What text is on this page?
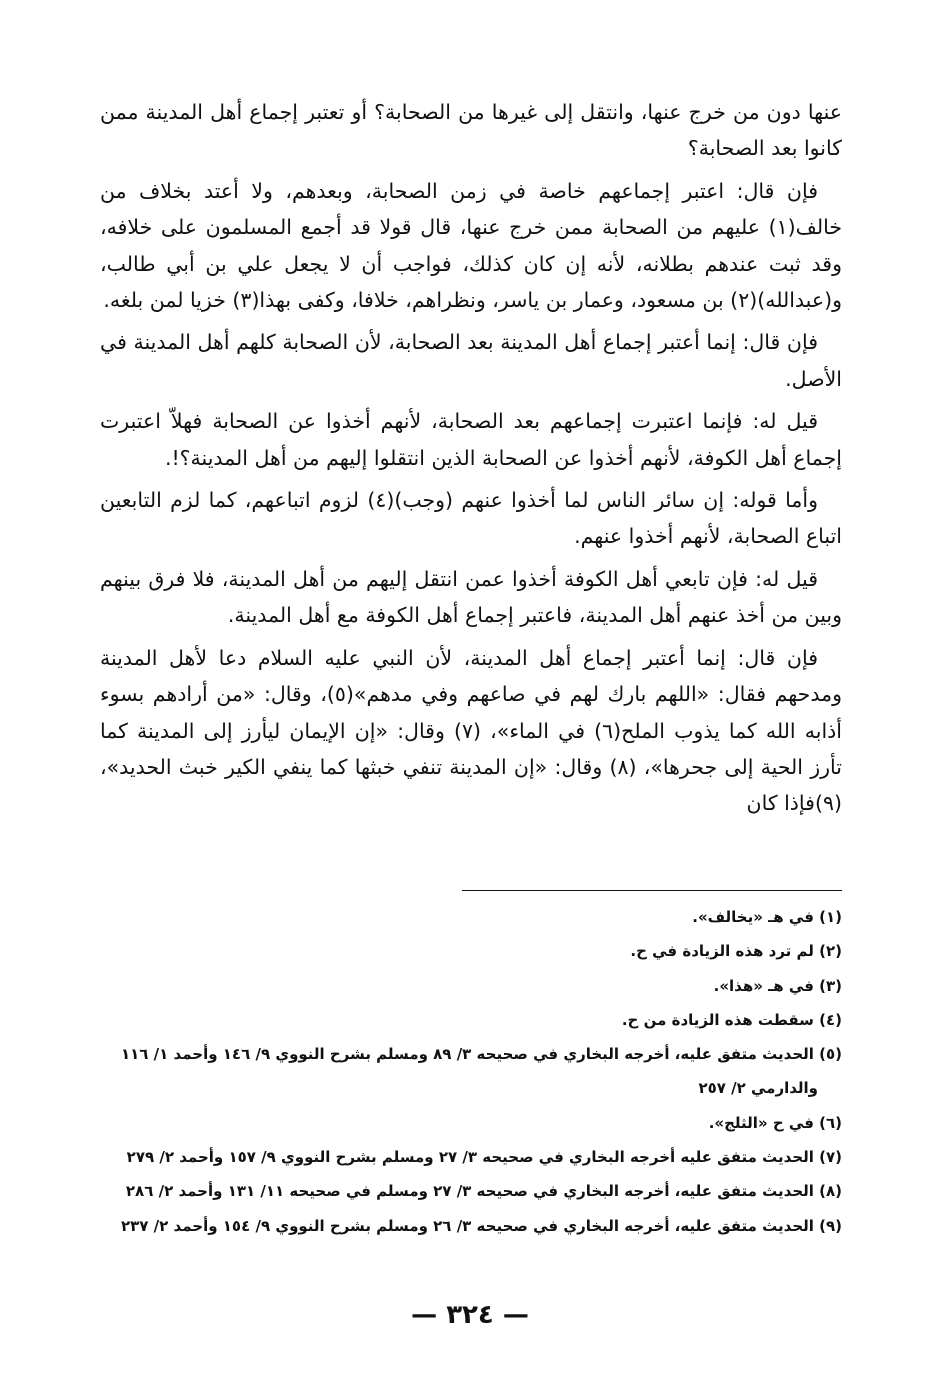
عنها دون من خرج عنها، وانتقل إلى غيرها من الصحابة؟ أو تعتبر إجماع أهل المدينة ممن كانوا بعد الصحابة؟

فإن قال: اعتبر إجماعهم خاصة في زمن الصحابة، وبعدهم، ولا أعتد بخلاف من خالف(١) عليهم من الصحابة ممن خرج عنها، قال قولا قد أجمع المسلمون على خلافه، وقد ثبت عندهم بطلانه، لأنه إن كان كذلك، فواجب أن لا يجعل علي بن أبي طالب، و(عبدالله)(٢) بن مسعود، وعمار بن ياسر، ونظراهم، خلافا، وكفى بهذا(٣) خزيا لمن بلغه.

فإن قال: إنما أعتبر إجماع أهل المدينة بعد الصحابة، لأن الصحابة كلهم أهل المدينة في الأصل.

قيل له: فإنما اعتبرت إجماعهم بعد الصحابة، لأنهم أخذوا عن الصحابة فهلاّ اعتبرت إجماع أهل الكوفة، لأنهم أخذوا عن الصحابة الذين انتقلوا إليهم من أهل المدينة؟!.

وأما قوله: إن سائر الناس لما أخذوا عنهم (وجب)(٤) لزوم اتباعهم، كما لزم التابعين اتباع الصحابة، لأنهم أخذوا عنهم.

قيل له: فإن تابعي أهل الكوفة أخذوا عمن انتقل إليهم من أهل المدينة، فلا فرق بينهم وبين من أخذ عنهم أهل المدينة، فاعتبر إجماع أهل الكوفة مع أهل المدينة.

فإن قال: إنما أعتبر إجماع أهل المدينة، لأن النبي عليه السلام دعا لأهل المدينة ومدحهم فقال: «اللهم بارك لهم في صاعهم وفي مدهم»(٥)، وقال: «من أرادهم بسوء أذابه الله كما يذوب الملح(٦) في الماء»، (٧) وقال: «إن الإيمان ليأرز إلى المدينة كما تأرز الحية إلى جحرها»، (٨) وقال: «إن المدينة تنفي خبثها كما ينفي الكير خبث الحديد»، (٩)فإذا كان

(١) في هـ «يخالف».

(٢) لم ترد هذه الزيادة في ح.

(٣) في هـ «هذا».

(٤) سقطت هذه الزيادة من ح.

(٥) الحديث متفق عليه، أخرجه البخاري في صحيحه ٣/ ٨٩ ومسلم بشرح النووي ٩/ ١٤٦ وأحمد ١/ ١١٦

والدارمي ٢/ ٢٥٧

(٦) في ح «الثلج».

(٧) الحديث متفق عليه أخرجه البخاري في صحيحه ٣/ ٢٧ ومسلم بشرح النووي ٩/ ١٥٧ وأحمد ٢/ ٢٧٩

(٨) الحديث متفق عليه، أخرجه البخاري في صحيحه ٣/ ٢٧ ومسلم في صحيحه ١١/ ١٣١ وأحمد ٢/ ٢٨٦

(٩) الحديث متفق عليه، أخرجه البخاري في صحيحه ٣/ ٢٦ ومسلم بشرح النووي ٩/ ١٥٤ وأحمد ٢/ ٢٣٧

— ٣٢٤ —
